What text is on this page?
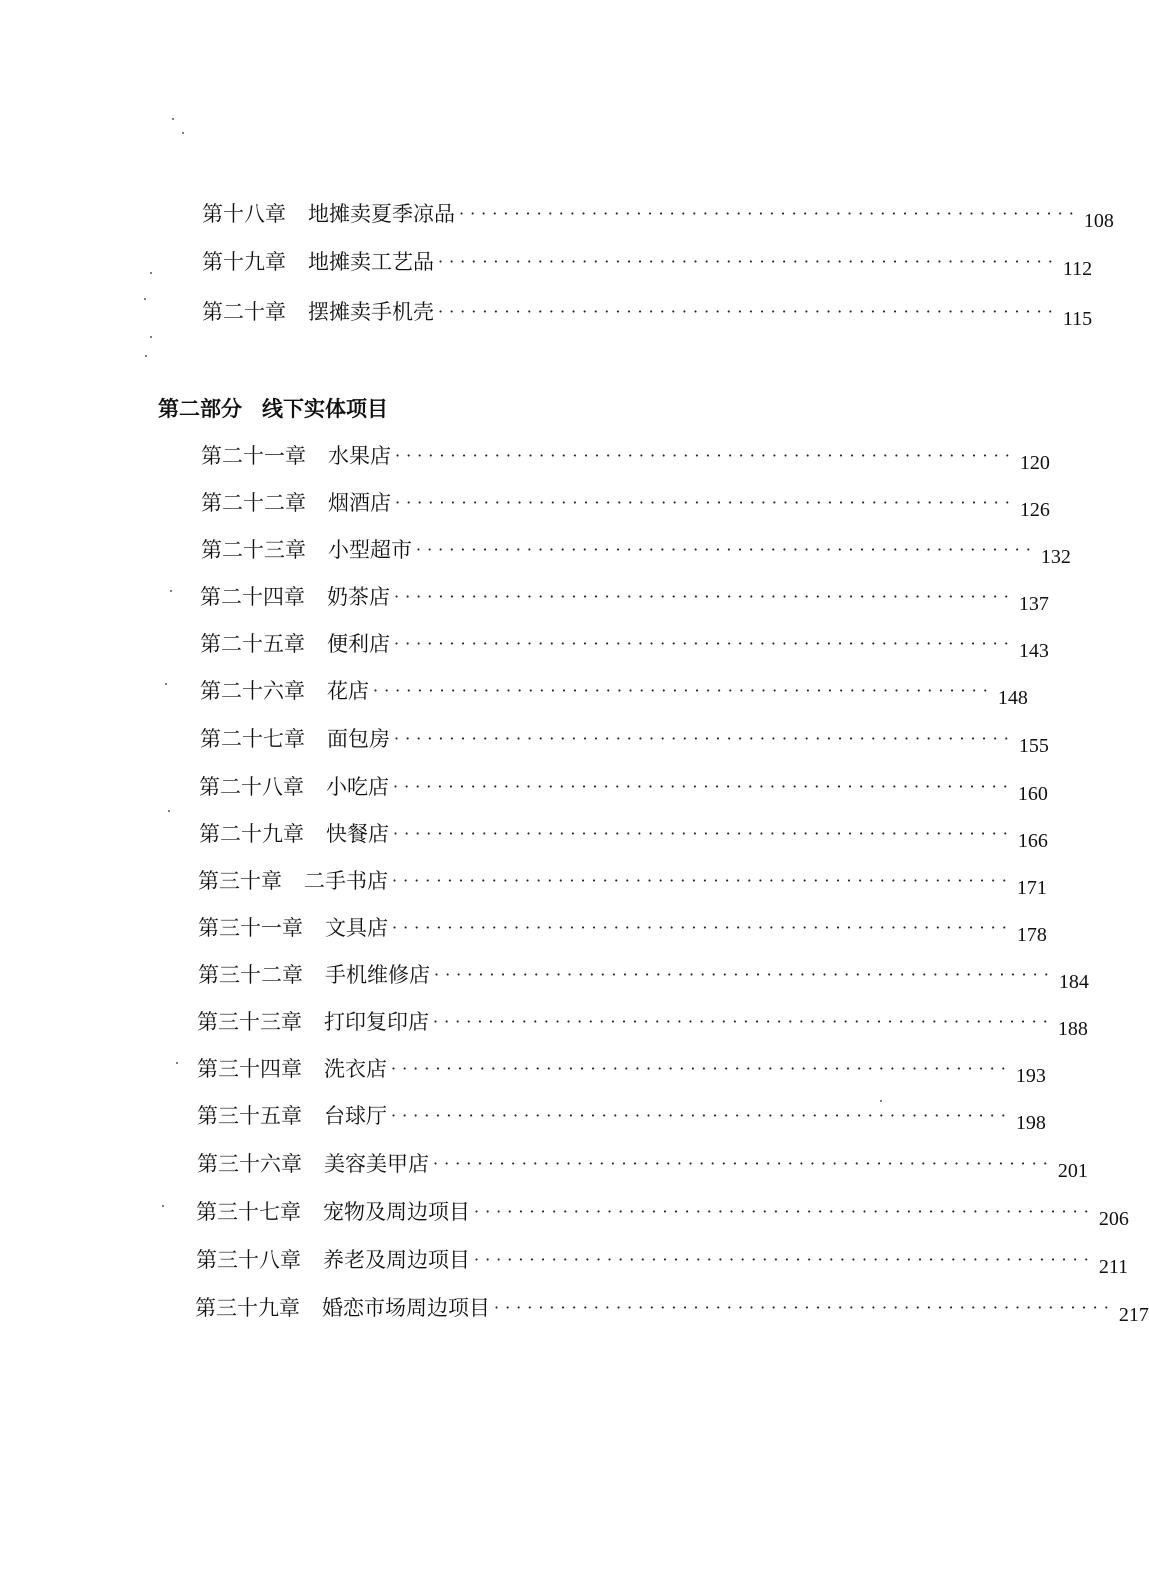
第十八章 地摊卖夏季凉品 ························································ 108
第十九章 地摊卖工艺品 ························································ 112
第二十章 摆摊卖手机壳 ························································ 115
第二部分 线下实体项目
第二十一章 水果店 ························································ 120
第二十二章 烟酒店 ························································ 126
第二十三章 小型超市 ························································ 132
第二十四章 奶茶店 ························································ 137
第二十五章 便利店 ························································ 143
第二十六章 花店 ························································ 148
第二十七章 面包房 ························································ 155
第二十八章 小吃店 ························································ 160
第二十九章 快餐店 ························································ 166
第三十章 二手书店 ························································ 171
第三十一章 文具店 ························································ 178
第三十二章 手机维修店 ························································ 184
第三十三章 打印复印店 ························································ 188
第三十四章 洗衣店 ························································ 193
第三十五章 台球厅 ························································ 198
第三十六章 美容美甲店 ························································ 201
第三十七章 宠物及周边项目 ························································ 206
第三十八章 养老及周边项目 ························································ 211
第三十九章 婚恋市场周边项目 ························································ 217
